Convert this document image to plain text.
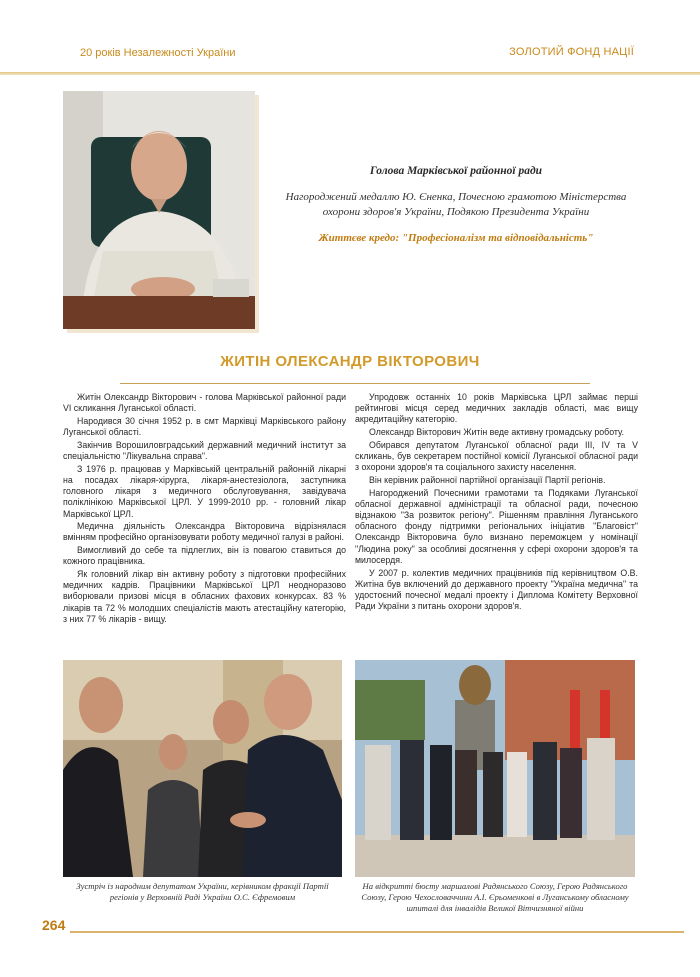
20 років Незалежності України	ЗОЛОТИЙ ФОНД НАЦІЇ
Голова Марківської районної ради
Нагороджений медаллю Ю. Єненка, Почесною грамотою Міністерства охорони здоров'я України, Подякою Президента України
Життєве кредо: "Професіоналізм та відповідальність"
ЖИТІН ОЛЕКСАНДР ВІКТОРОВИЧ

Житін Олександр Вікторович - голова Марківської районної ради VI скликання Луганської області.

Народився 30 січня 1952 р. в смт Марківці Марківського району Луганської області.

Закінчив Ворошиловградський державний медичний інститут за спеціальністю "Лікувальна справа".

З 1976 р. працював у Марківській центральній районній лікарні на посадах лікаря-хірурга, лікаря-анестезіолога, заступника головного лікаря з медичного обслуговування, завідувача поліклінікою Марківської ЦРЛ. У 1999-2010 рр. - головний лікар Марківської ЦРЛ.

Медична діяльність Олександра Вікторовича відрізнялася вмінням професійно організовувати роботу медичної галузі в районі.

Вимогливий до себе та підлеглих, він із повагою ставиться до кожного працівника.

Як головний лікар він активну роботу з підготовки професійних медичних кадрів. Працівники Марківської ЦРЛ неодноразово виборювали призові місця в обласних фахових конкурсах. 83 % лікарів та 72 % молодших спеціалістів мають атестаційну категорію, з них 77 % лікарів - вищу.

Упродовж останніх 10 років Марківська ЦРЛ займає перші рейтингові місця серед медичних закладів області, має вищу акредитаційну категорію.

Олександр Вікторович Житін веде активну громадську роботу.

Обирався депутатом Луганської обласної ради III, IV та V скликань, був секретарем постійної комісії Луганської обласної ради з охорони здоров'я та соціального захисту населення.

Він керівник районної партійної організації Партії регіонів.

Нагороджений Почесними грамотами та Подяками Луганської обласної державної адміністрації та обласної ради, почесною відзнакою "За розвиток регіону". Рішенням правління Луганського обласного фонду підтримки регіональних ініціатив "Благовіст" Олександр Вікторовича було визнано переможцем у номінації "Людина року" за особливі досягнення у сфері охорони здоров'я та милосердя.

У 2007 р. колектив медичних працівників під керівництвом О.В. Житіна був включений до державного проекту "Україна медична" та удостоєний почесної медалі проекту і Диплома Комітету Верховної Ради України з питань охорони здоров'я.

Зустріч із народним депутатом України, керівником фракції Партії регіонів у Верховній Раді України О.С. Єфремовим
На відкритті бюсту маршалові Радянського Союзу, Герою Радянського Союзу, Герою Чехословаччини А.І. Єрьоменкові в Луганському обласному шпиталі для інвалідів Великої Вітчизняної війни
264
